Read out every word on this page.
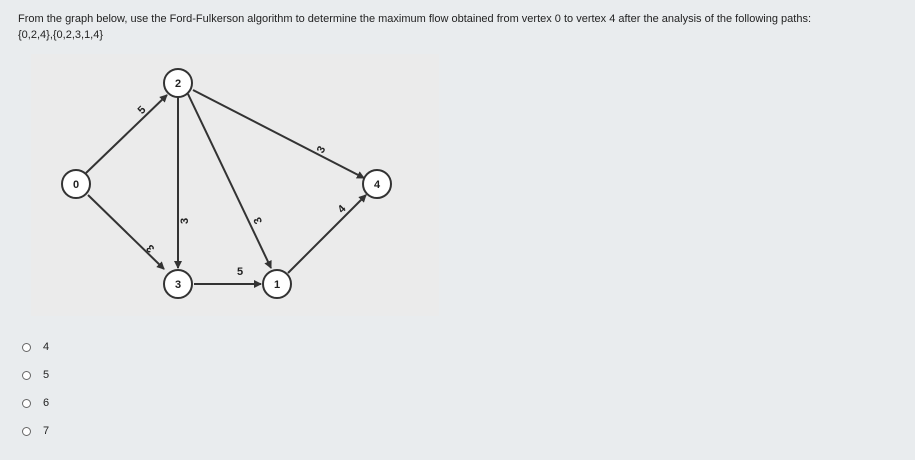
From the graph below, use the Ford-Fulkerson algorithm to determine the maximum flow obtained from vertex 0 to vertex 4 after the analysis of the following paths:

{0,2,4},{0,2,3,1,4}

5
3
3	3
3
5
4
0
2
4
3	1
4
5
6
7
